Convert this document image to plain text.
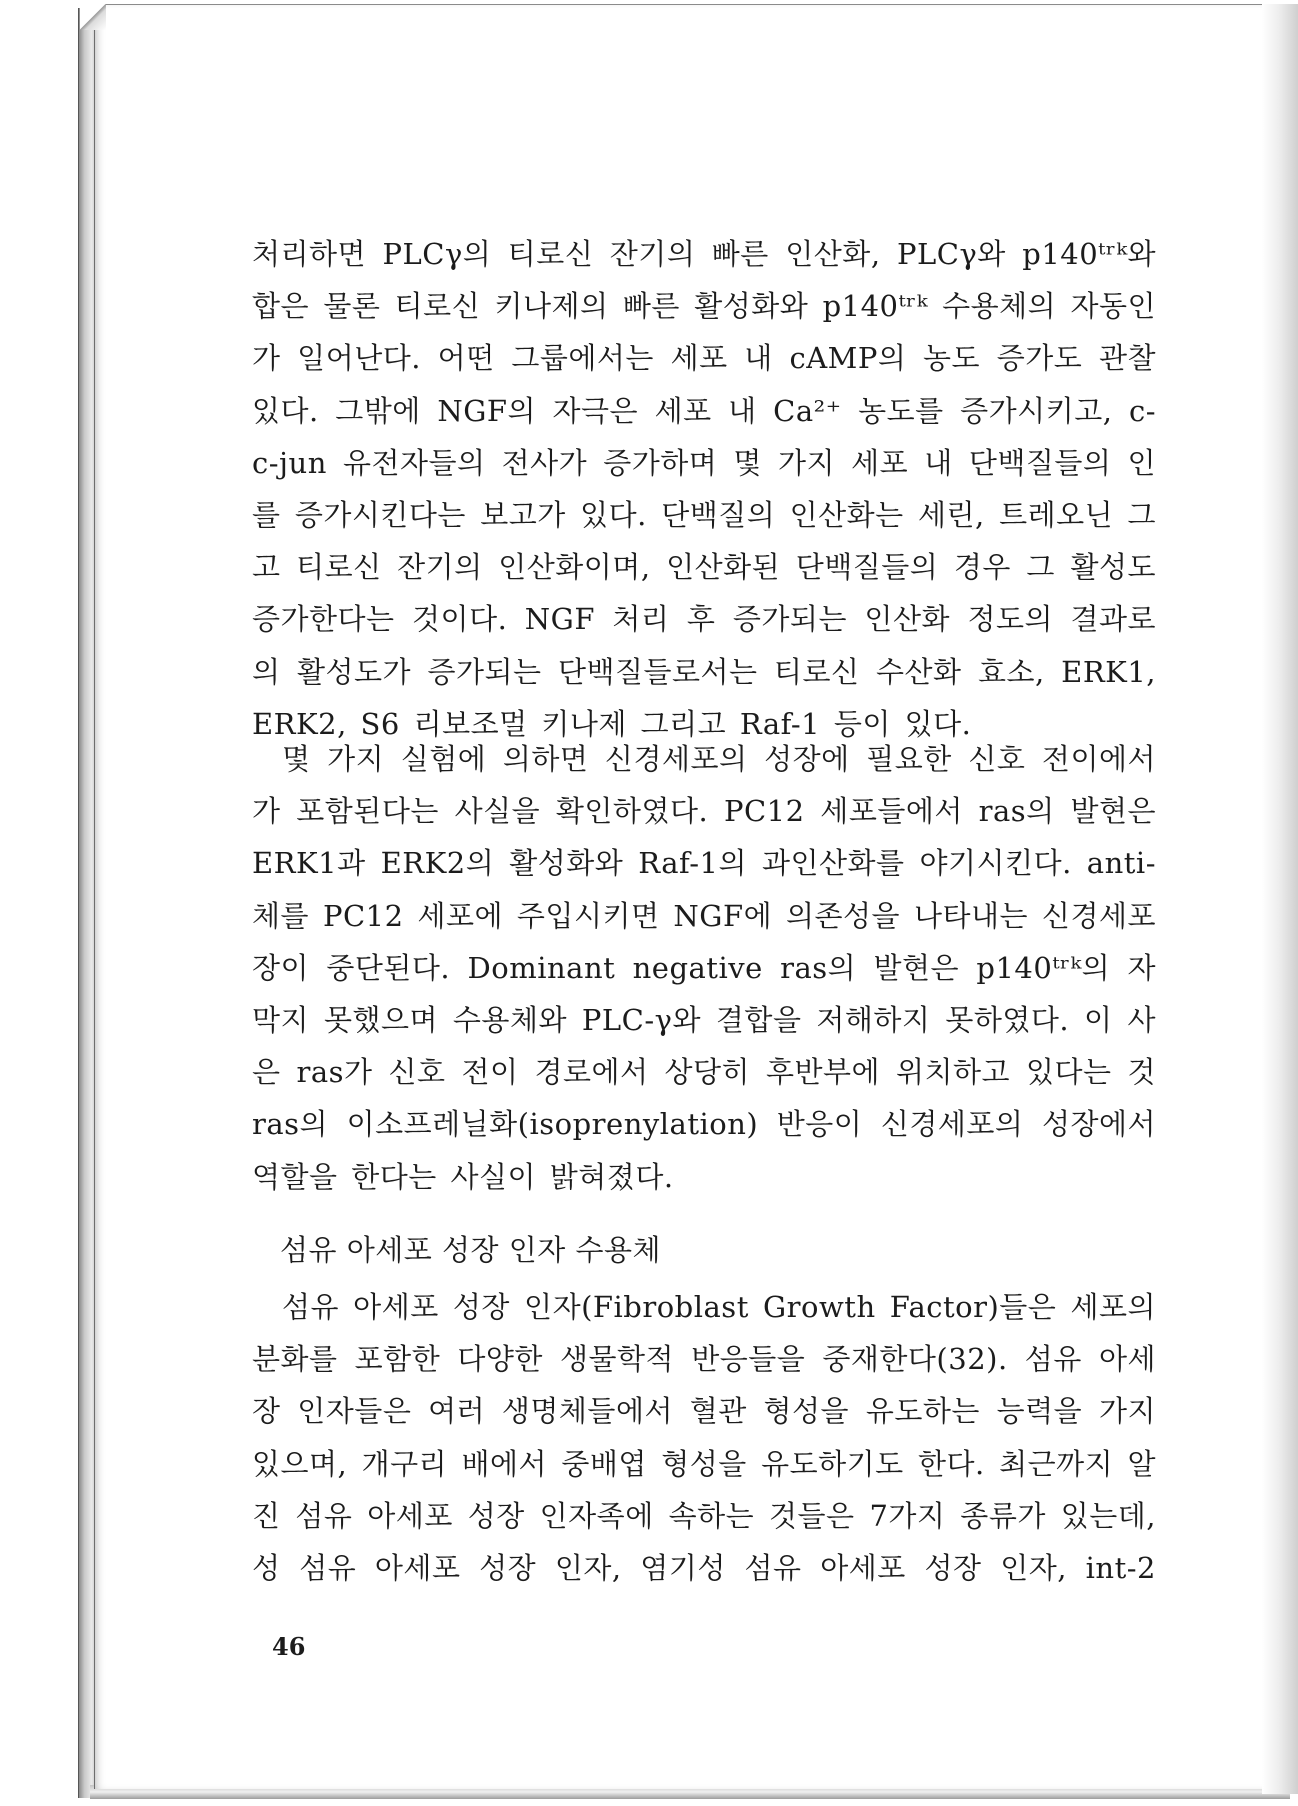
처리하면 PLCγ의 티로신 잔기의 빠른 인산화, PLCγ와 p140ᵗʳᵏ와
합은 물론 티로신 키나제의 빠른 활성화와 p140ᵗʳᵏ 수용체의 자동인
가 일어난다. 어떤 그룹에서는 세포 내 cAMP의 농도 증가도 관찰
있다. 그밖에 NGF의 자극은 세포 내 Ca²⁺ 농도를 증가시키고, c-
c-jun 유전자들의 전사가 증가하며 몇 가지 세포 내 단백질들의 인
를 증가시킨다는 보고가 있다. 단백질의 인산화는 세린, 트레오닌 그
고 티로신 잔기의 인산화이며, 인산화된 단백질들의 경우 그 활성도
증가한다는 것이다. NGF 처리 후 증가되는 인산화 정도의 결과로
의 활성도가 증가되는 단백질들로서는 티로신 수산화 효소, ERK1,
ERK2, S6 리보조멀 키나제 그리고 Raf-1 등이 있다.
몇 가지 실험에 의하면 신경세포의 성장에 필요한 신호 전이에서
가 포함된다는 사실을 확인하였다. PC12 세포들에서 ras의 발현은
ERK1과 ERK2의 활성화와 Raf-1의 과인산화를 야기시킨다. anti-
체를 PC12 세포에 주입시키면 NGF에 의존성을 나타내는 신경세포
장이 중단된다. Dominant negative ras의 발현은 p140ᵗʳᵏ의 자
막지 못했으며 수용체와 PLC-γ와 결합을 저해하지 못하였다. 이 사
은 ras가 신호 전이 경로에서 상당히 후반부에 위치하고 있다는 것
ras의 이소프레닐화(isoprenylation) 반응이 신경세포의 성장에서
역할을 한다는 사실이 밝혀졌다.
섬유 아세포 성장 인자 수용체
섬유 아세포 성장 인자(Fibroblast Growth Factor)들은 세포의
분화를 포함한 다양한 생물학적 반응들을 중재한다(32). 섬유 아세
장 인자들은 여러 생명체들에서 혈관 형성을 유도하는 능력을 가지
있으며, 개구리 배에서 중배엽 형성을 유도하기도 한다. 최근까지 알
진 섬유 아세포 성장 인자족에 속하는 것들은 7가지 종류가 있는데,
성 섬유 아세포 성장 인자, 염기성 섬유 아세포 성장 인자, int-2
46
